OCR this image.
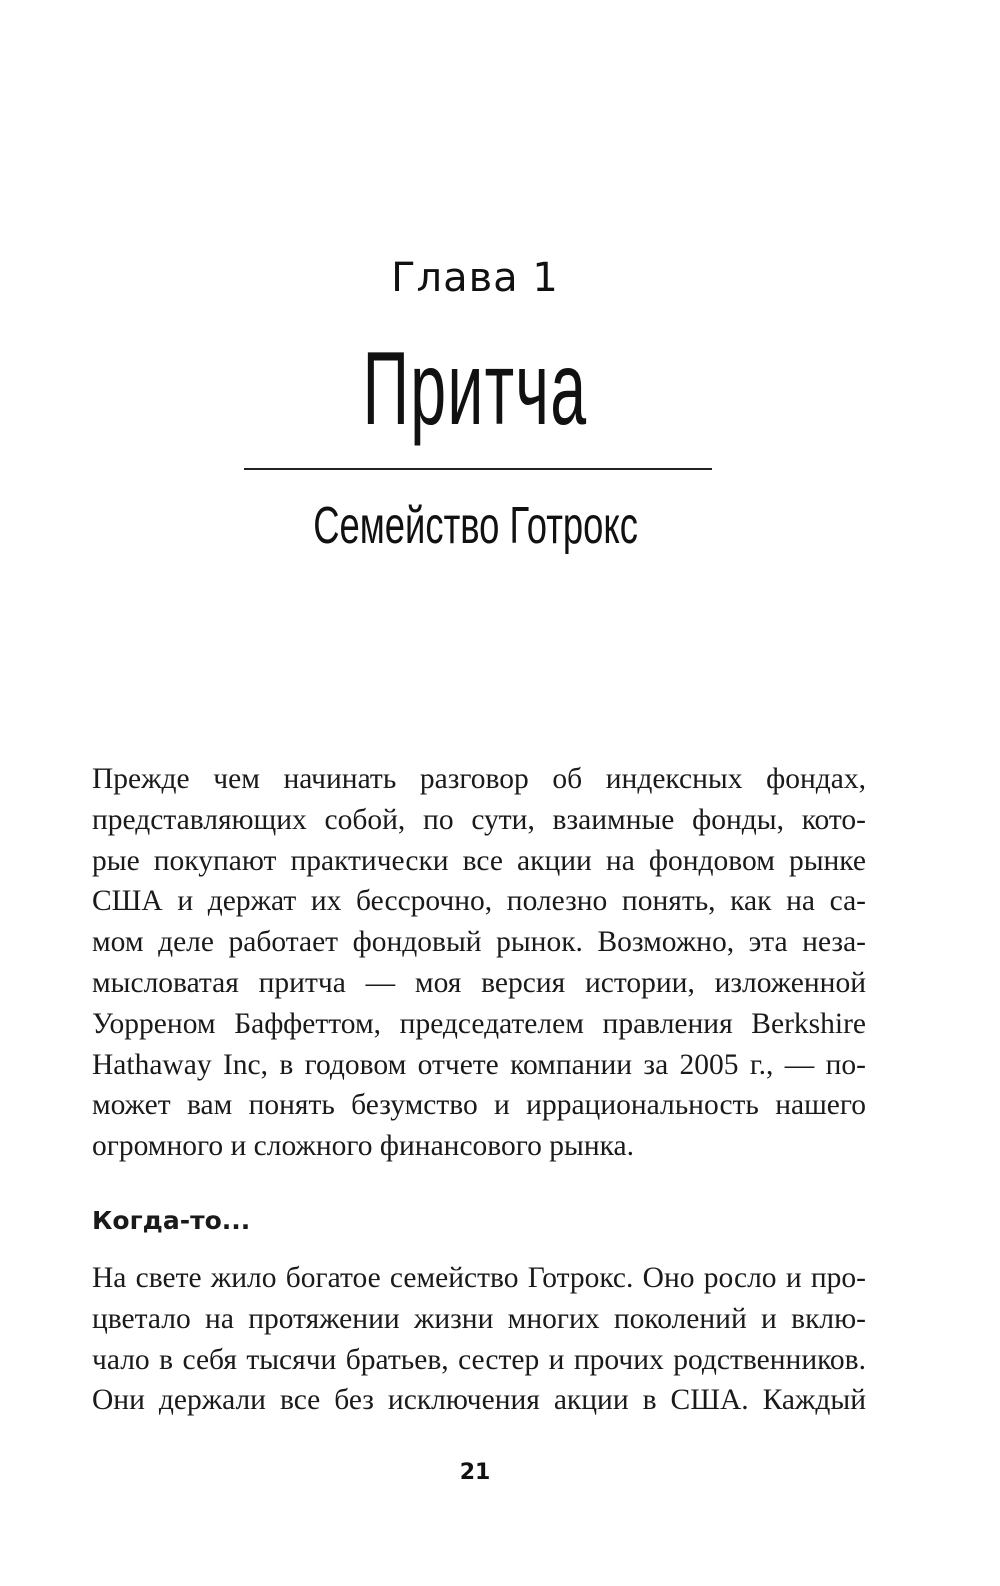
Глава 1
Притча
Семейство Готрокс
Прежде чем начинать разговор об индексных фондах,
представляющих собой, по сути, взаимные фонды, кото-
рые покупают практически все акции на фондовом рынке
США и держат их бессрочно, полезно понять, как на са-
мом деле работает фондовый рынок. Возможно, эта неза-
мысловатая притча — моя версия истории, изложенной
Уорреном Баффеттом, председателем правления Berkshire
Hathaway Inc, в годовом отчете компании за 2005 г., — по-
может вам понять безумство и иррациональность нашего
огромного и сложного финансового рынка.
Когда-то...
На свете жило богатое семейство Готрокс. Оно росло и про-
цветало на протяжении жизни многих поколений и вклю-
чало в себя тысячи братьев, сестер и прочих родственников.
Они держали все без исключения акции в США. Каждый
21
